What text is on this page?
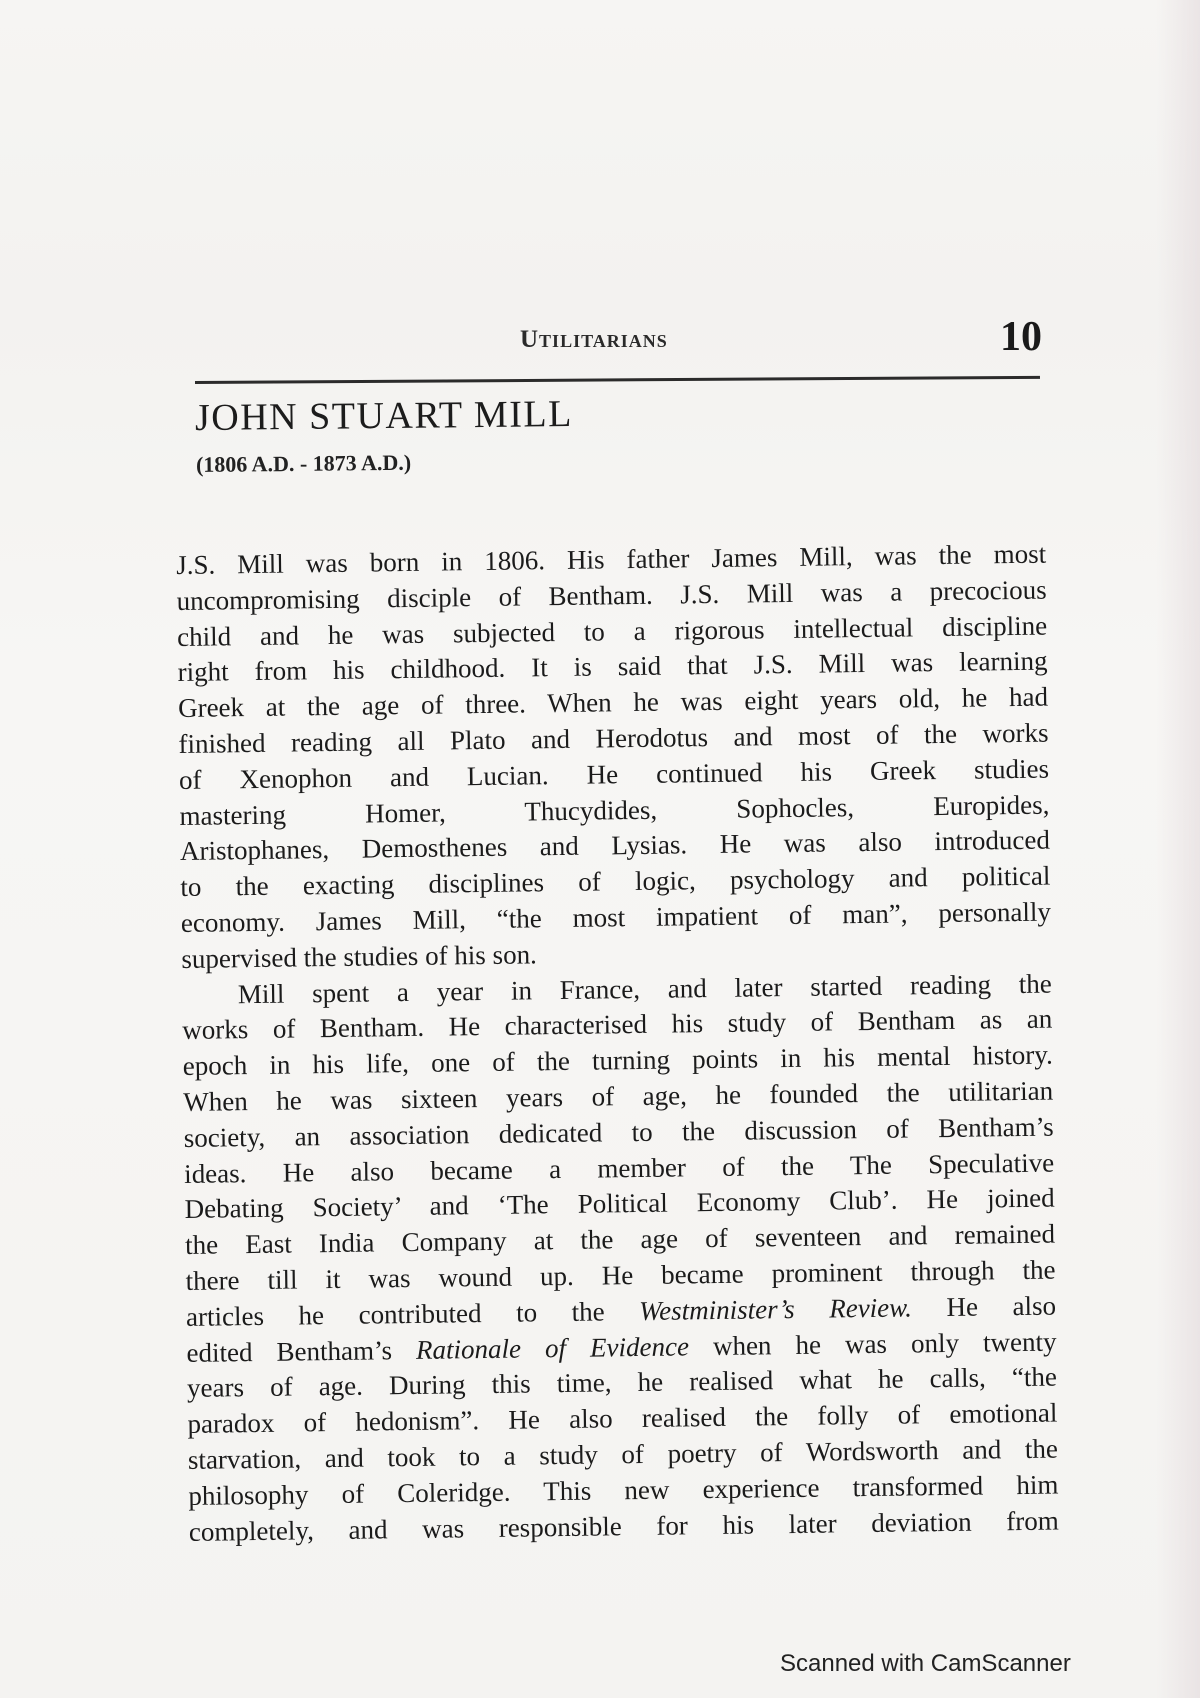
Utilitarians	10
JOHN STUART MILL
(1806 A.D. - 1873 A.D.)
J.S. Mill was born in 1806. His father James Mill, was the most
uncompromising disciple of Bentham. J.S. Mill was a precocious
child and he was subjected to a rigorous intellectual discipline
right from his childhood. It is said that J.S. Mill was learning
Greek at the age of three. When he was eight years old, he had
finished reading all Plato and Herodotus and most of the works
of Xenophon and Lucian. He continued his Greek studies
mastering Homer, Thucydides, Sophocles, Europides,
Aristophanes, Demosthenes and Lysias. He was also introduced
to the exacting disciplines of logic, psychology and political
economy. James Mill, “the most impatient of man”, personally
supervised the studies of his son.
Mill spent a year in France, and later started reading the
works of Bentham. He characterised his study of Bentham as an
epoch in his life, one of the turning points in his mental history.
When he was sixteen years of age, he founded the utilitarian
society, an association dedicated to the discussion of Bentham’s
ideas. He also became a member of the The Speculative
Debating Society’ and ‘The Political Economy Club’. He joined
the East India Company at the age of seventeen and remained
there till it was wound up. He became prominent through the
articles he contributed to the Westminister’s Review. He also
edited Bentham’s Rationale of Evidence when he was only twenty
years of age. During this time, he realised what he calls, “the
paradox of hedonism”. He also realised the folly of emotional
starvation, and took to a study of poetry of Wordsworth and the
philosophy of Coleridge. This new experience transformed him
completely, and was responsible for his later deviation from
Scanned with CamScanner
